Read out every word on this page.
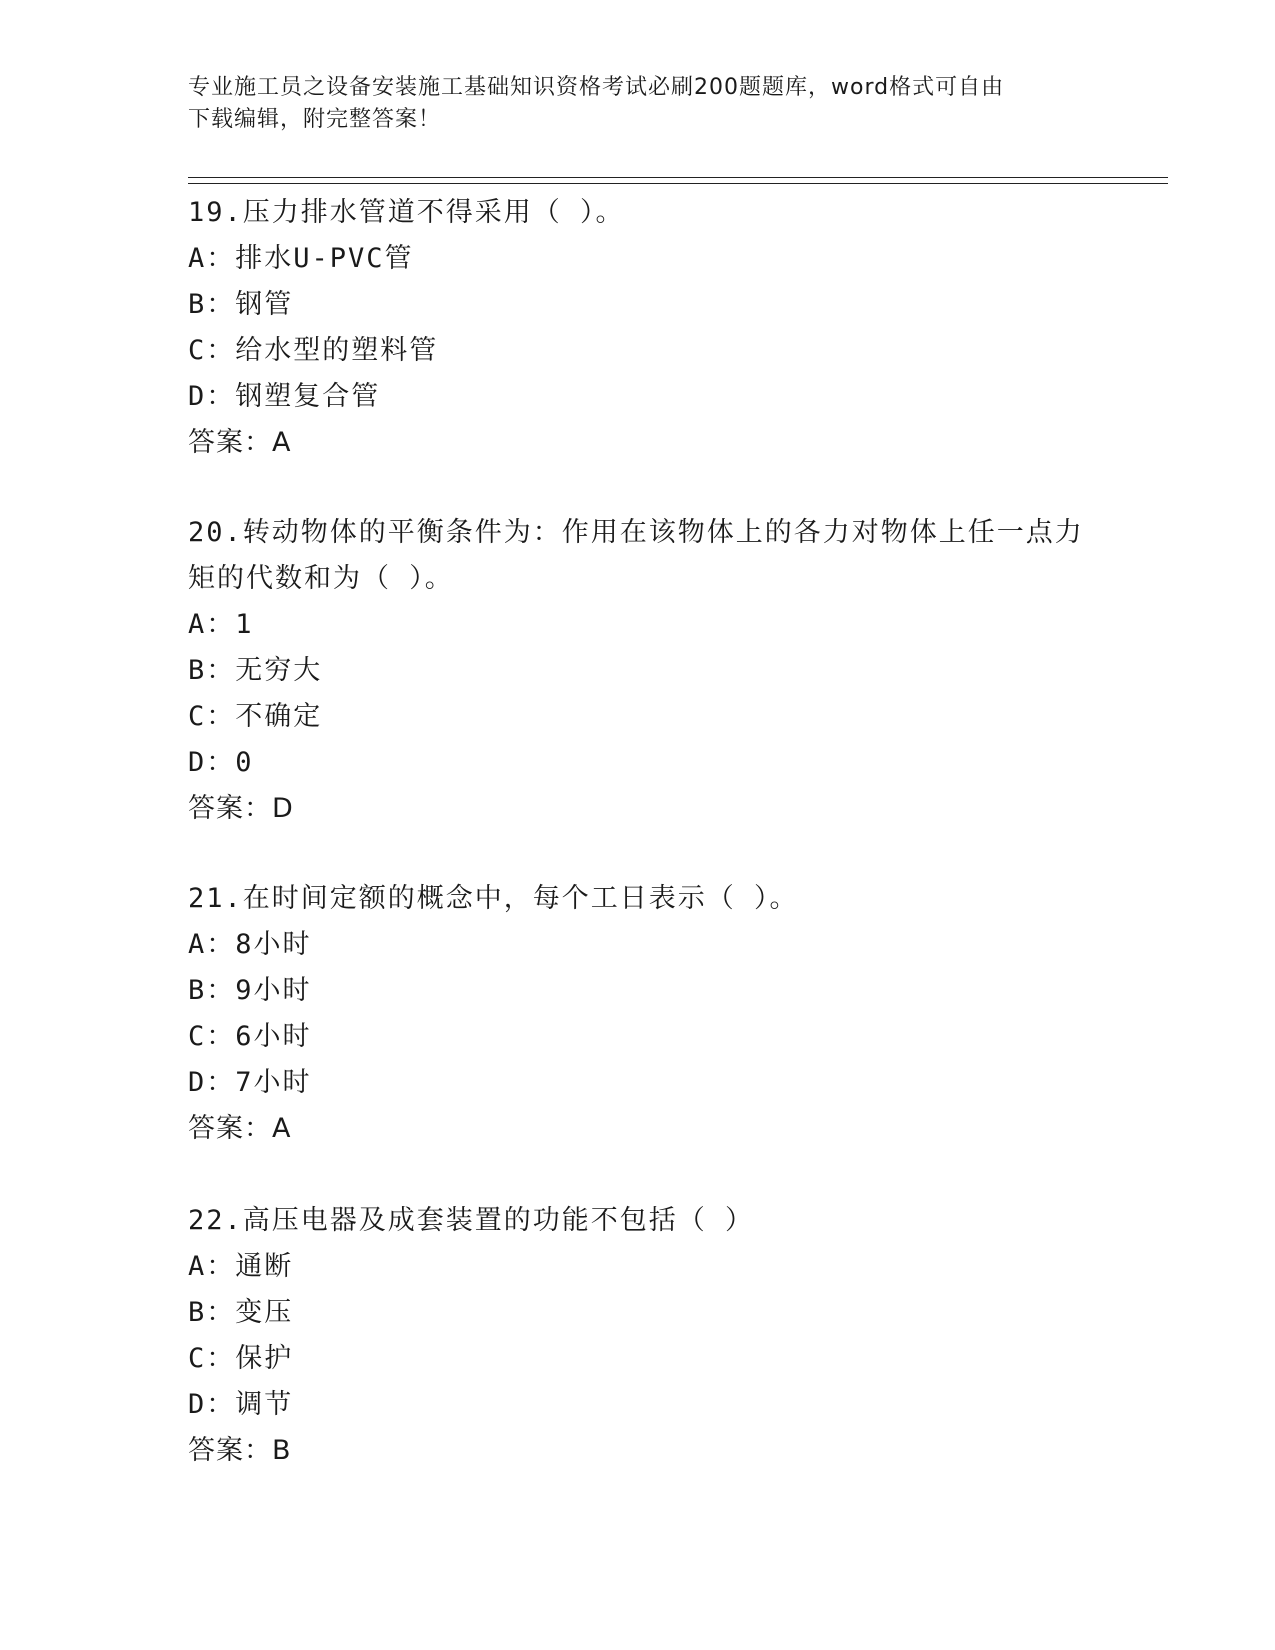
专业施工员之设备安装施工基础知识资格考试必刷200题题库，word格式可自由
下载编辑，附完整答案！
19.压力排水管道不得采用（ ）。
A：排水U-PVC管
B：钢管
C：给水型的塑料管
D：钢塑复合管
答案：A
20.转动物体的平衡条件为：作用在该物体上的各力对物体上任一点力
矩的代数和为（ ）。
A：1
B：无穷大
C：不确定
D：0
答案：D
21.在时间定额的概念中，每个工日表示（ ）。
A：8小时
B：9小时
C：6小时
D：7小时
答案：A
22.高压电器及成套装置的功能不包括（ ）
A：通断
B：变压
C：保护
D：调节
答案：B
